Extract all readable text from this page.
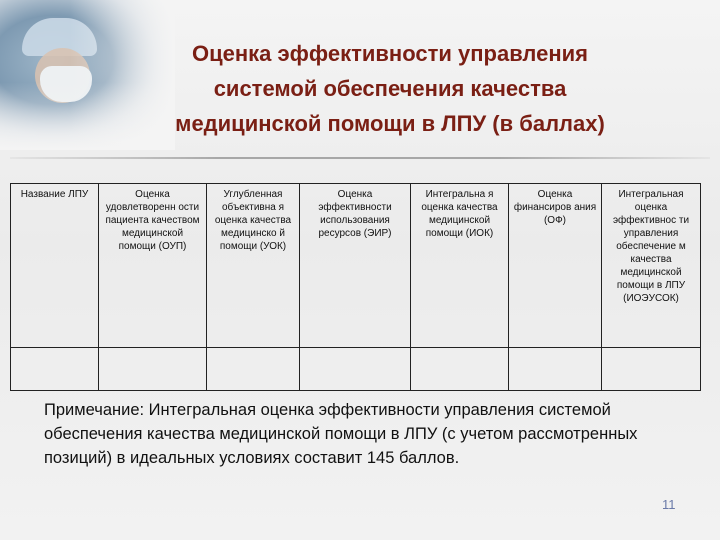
Оценка эффективности управления
системой обеспечения качества
медицинской помощи в ЛПУ (в баллах)
Название ЛПУ	Оценка удовлетворенн ости пациента качеством медицинской помощи (ОУП)	Углубленная объективна я оценка качества медицинско й помощи (УОК)	Оценка эффективности использования ресурсов (ЭИР)	Интегральна я оценка качества медицинской помощи (ИОК)	Оценка финансиров ания (ОФ)	Интегральная оценка эффективнос ти управления обеспечение м качества медицинской помощи в ЛПУ (ИОЭУСОК)

Примечание: Интегральная оценка эффективности управления системой обеспечения качества медицинской помощи в ЛПУ (с учетом рассмотренных позиций) в идеальных условиях составит 145 баллов.
11
